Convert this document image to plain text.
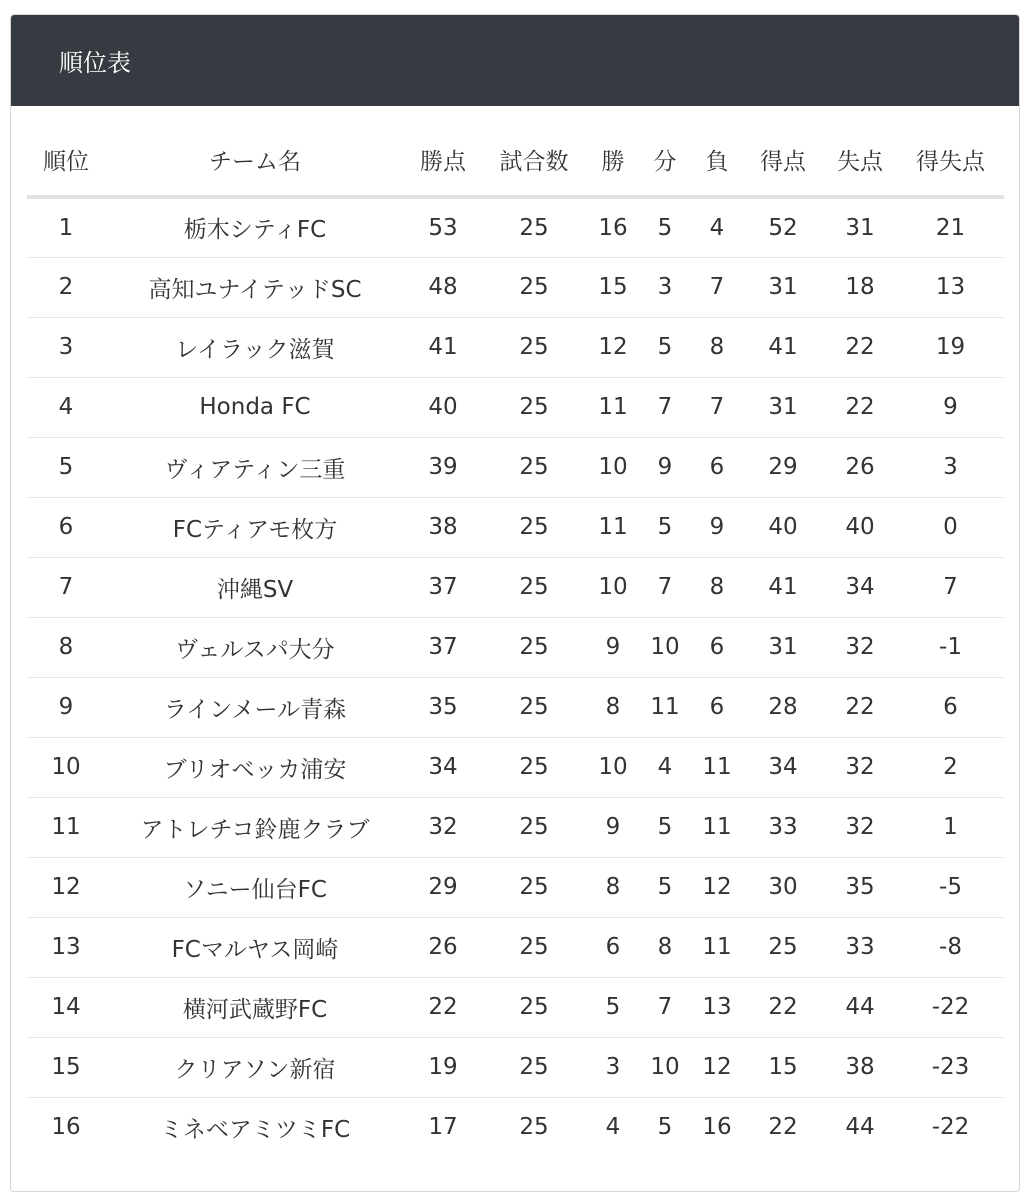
順位表
順位	チーム名	勝点	試合数	勝	分	負	得点	失点	得失点
1	栃木シティFC	53	25	16	5	4	52	31	21
2	高知ユナイテッドSC	48	25	15	3	7	31	18	13
3	レイラック滋賀	41	25	12	5	8	41	22	19
4	Honda FC	40	25	11	7	7	31	22	9
5	ヴィアティン三重	39	25	10	9	6	29	26	3
6	FCティアモ枚方	38	25	11	5	9	40	40	0
7	沖縄SV	37	25	10	7	8	41	34	7
8	ヴェルスパ大分	37	25	9	10	6	31	32	-1
9	ラインメール青森	35	25	8	11	6	28	22	6
10	ブリオベッカ浦安	34	25	10	4	11	34	32	2
11	アトレチコ鈴鹿クラブ	32	25	9	5	11	33	32	1
12	ソニー仙台FC	29	25	8	5	12	30	35	-5
13	FCマルヤス岡崎	26	25	6	8	11	25	33	-8
14	横河武蔵野FC	22	25	5	7	13	22	44	-22
15	クリアソン新宿	19	25	3	10	12	15	38	-23
16	ミネベアミツミFC	17	25	4	5	16	22	44	-22
